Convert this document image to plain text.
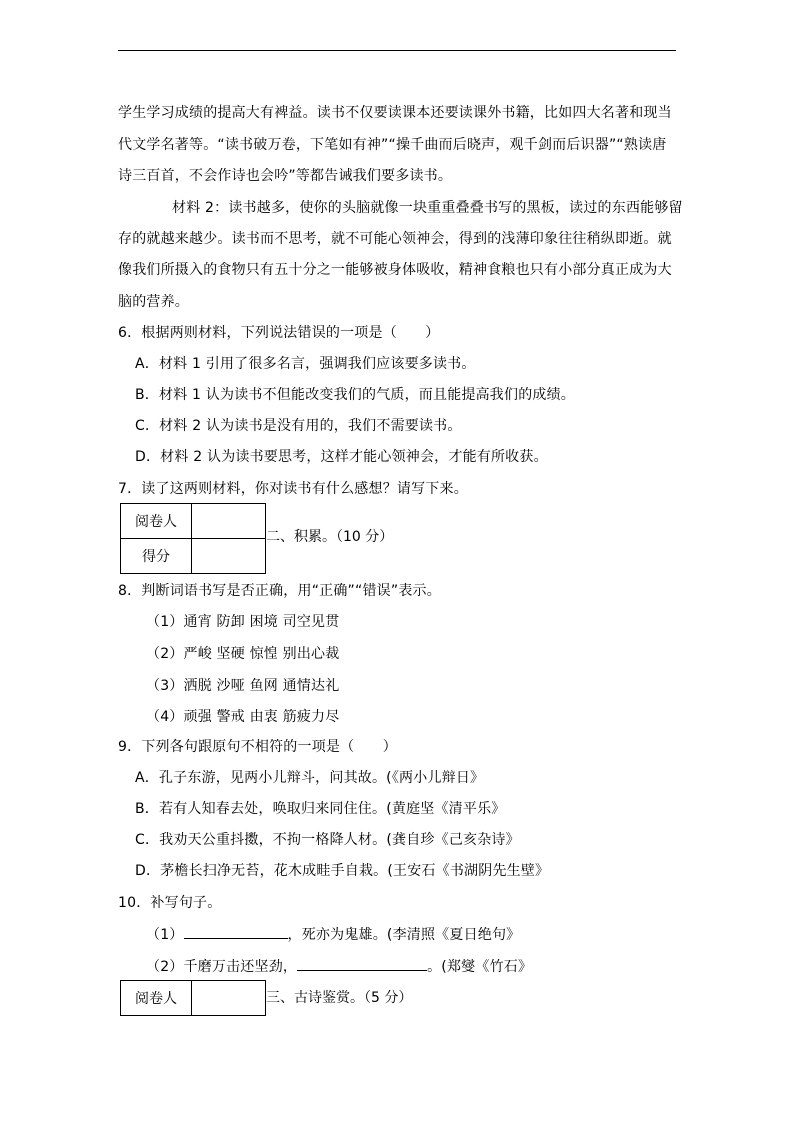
学生学习成绩的提高大有裨益。读书不仅要读课本还要读课外书籍，比如四大名著和现当
代文学名著等。“读书破万卷，下笔如有神”“操千曲而后晓声，观千剑而后识器”“熟读唐
诗三百首，不会作诗也会吟”等都告诫我们要多读书。
材料 2：读书越多，使你的头脑就像一块重重叠叠书写的黑板，读过的东西能够留
存的就越来越少。读书而不思考，就不可能心领神会，得到的浅薄印象往往稍纵即逝。就
像我们所摄入的食物只有五十分之一能够被身体吸收，精神食粮也只有小部分真正成为大
脑的营养。
6．根据两则材料，下列说法错误的一项是（　　）
A．材料 1 引用了很多名言，强调我们应该要多读书。
B．材料 1 认为读书不但能改变我们的气质，而且能提高我们的成绩。
C．材料 2 认为读书是没有用的，我们不需要读书。
D．材料 2 认为读书要思考，这样才能心领神会，才能有所收获。
7．读了这两则材料，你对读书有什么感想？请写下来。
阅卷人	
得分	
二、积累。（10 分）
8．判断词语书写是否正确，用“正确”“错误”表示。
（1）通宵 防卸 困境 司空见贯
（2）严峻 坚硬 惊惶 别出心裁
（3）洒脱 沙哑 鱼网 通情达礼
（4）顽强 警戒 由衷 筋疲力尽
9．下列各句跟原句不相符的一项是（　　）
A．孔子东游，见两小儿辩斗，问其故。(《两小儿辩日》
B．若有人知春去处，唤取归来同住住。(黄庭坚《清平乐》
C．我劝天公重抖擞，不拘一格降人材。(龚自珍《己亥杂诗》
D．茅檐长扫净无苔，花木成畦手自栽。(王安石《书湖阴先生壁》
10．补写句子。
（1）	，死亦为鬼雄。(李清照《夏日绝句》
（2）千磨万击还坚劲，	。(郑燮《竹石》
阅卷人		三、古诗鉴赏。（5 分）
